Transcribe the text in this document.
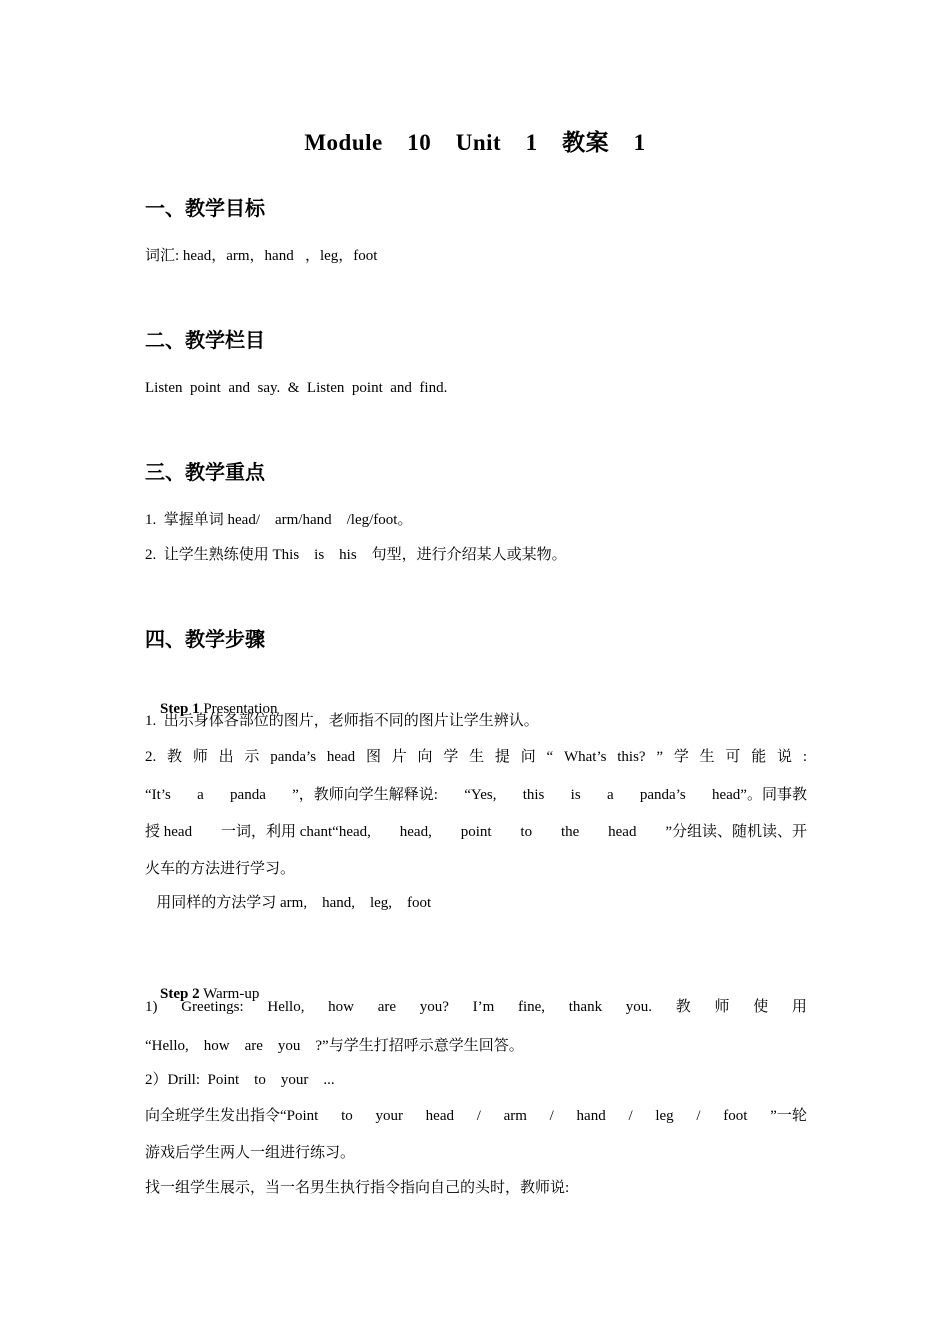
Module  10  Unit  1  教案  1
一、教学目标
词汇: head，arm，hand   ，leg，foot
二、教学栏目
Listen  point  and  say.  &  Listen  point  and  find.
三、教学重点
1.  掌握单词 head/    arm/hand    /leg/foot。
2.  让学生熟练使用 This    is    his    句型，进行介绍某人或某物。
四、教学步骤

Step 1 Presentation

1.  出示身体各部位的图片，老师指不同的图片让学生辨认。
2. 教 师 出 示 panda’s head 图 片 向 学 生 提 问 “ What’s this? ” 学 生 可 能 说 :
“It’s a panda ”，教师向学生解释说: “Yes, this is a panda’s head”。同事教
授 head 一词，利用 chant“head, head, point to the head ”分组读、随机读、开
火车的方法进行学习。
用同样的方法学习 arm,    hand,    leg,    foot

Step 2 Warm-up

1) Greetings: Hello, how are you? I’m fine, thank you. 教 师 使 用
“Hello,    how    are    you    ?”与学生打招呼示意学生回答。
2）Drill:  Point    to    your    ...
向全班学生发出指令“Point to your head / arm / hand / leg / foot ”一轮
游戏后学生两人一组进行练习。
找一组学生展示，当一名男生执行指令指向自己的头时，教师说:
